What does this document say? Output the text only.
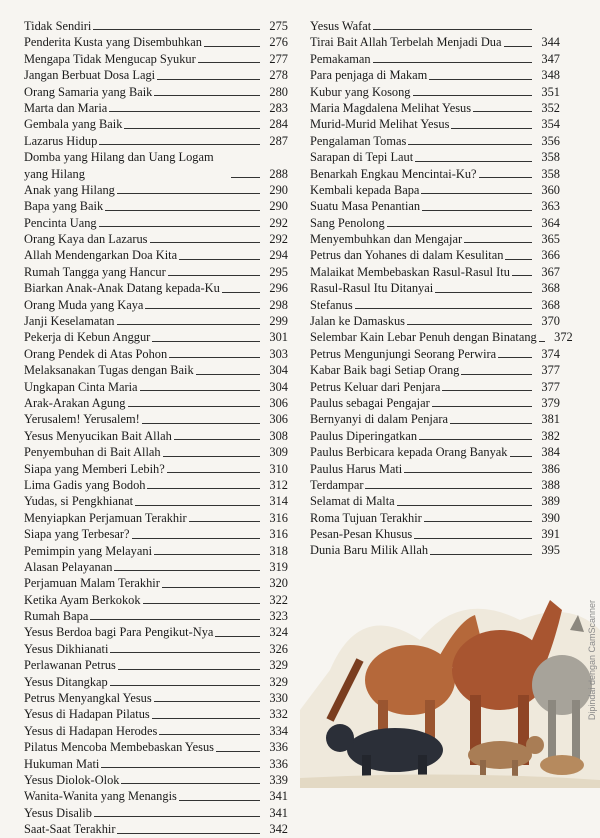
Tidak Sendiri	275
Penderita Kusta yang Disembuhkan	276
Mengapa Tidak Mengucap Syukur	277
Jangan Berbuat Dosa Lagi	278
Orang Samaria yang Baik	280
Marta dan Maria	283
Gembala yang Baik	284
Lazarus Hidup	287
Domba yang Hilang dan Uang Logam yang Hilang	288
Anak yang Hilang	290
Bapa yang Baik	290
Pencinta Uang	292
Orang Kaya dan Lazarus	292
Allah Mendengarkan Doa Kita	294
Rumah Tangga yang Hancur	295
Biarkan Anak-Anak Datang kepada-Ku	296
Orang Muda yang Kaya	298
Janji Keselamatan	299
Pekerja di Kebun Anggur	301
Orang Pendek di Atas Pohon	303
Melaksanakan Tugas dengan Baik	304
Ungkapan Cinta Maria	304
Arak-Arakan Agung	306
Yerusalem! Yerusalem!	306
Yesus Menyucikan Bait Allah	308
Penyembuhan di Bait Allah	309
Siapa yang Memberi Lebih?	310
Lima Gadis yang Bodoh	312
Yudas, si Pengkhianat	314
Menyiapkan Perjamuan Terakhir	316
Siapa yang Terbesar?	316
Pemimpin yang Melayani	318
Alasan Pelayanan	319
Perjamuan Malam Terakhir	320
Ketika Ayam Berkokok	322
Rumah Bapa	323
Yesus Berdoa bagi Para Pengikut-Nya	324
Yesus Dikhianati	326
Perlawanan Petrus	329
Yesus Ditangkap	329
Petrus Menyangkal Yesus	330
Yesus di Hadapan Pilatus	332
Yesus di Hadapan Herodes	334
Pilatus Mencoba Membebaskan Yesus	336
Hukuman Mati	336
Yesus Diolok-Olok	339
Wanita-Wanita yang Menangis	341
Yesus Disalib	341
Saat-Saat Terakhir	342
Yesus Wafat
Tirai Bait Allah Terbelah Menjadi Dua	344
Pemakaman	347
Para penjaga di Makam	348
Kubur yang Kosong	351
Maria Magdalena Melihat Yesus	352
Murid-Murid Melihat Yesus	354
Pengalaman Tomas	356
Sarapan di Tepi Laut	358
Benarkah Engkau Mencintai-Ku?	358
Kembali kepada Bapa	360
Suatu Masa Penantian	363
Sang Penolong	364
Menyembuhkan dan Mengajar	365
Petrus dan Yohanes di dalam Kesulitan	366
Malaikat Membebaskan Rasul-Rasul Itu	367
Rasul-Rasul Itu Ditanyai	368
Stefanus	368
Jalan ke Damaskus	370
Selembar Kain Lebar Penuh dengan Binatang	372
Petrus Mengunjungi Seorang Perwira	374
Kabar Baik bagi Setiap Orang	377
Petrus Keluar dari Penjara	377
Paulus sebagai Pengajar	379
Bernyanyi di dalam Penjara	381
Paulus Diperingatkan	382
Paulus Berbicara kepada Orang Banyak	384
Paulus Harus Mati	386
Terdampar	388
Selamat di Malta	389
Roma Tujuan Terakhir	390
Pesan-Pesan Khusus	391
Dunia Baru Milik Allah	395
Dipindai dengan CamScanner
